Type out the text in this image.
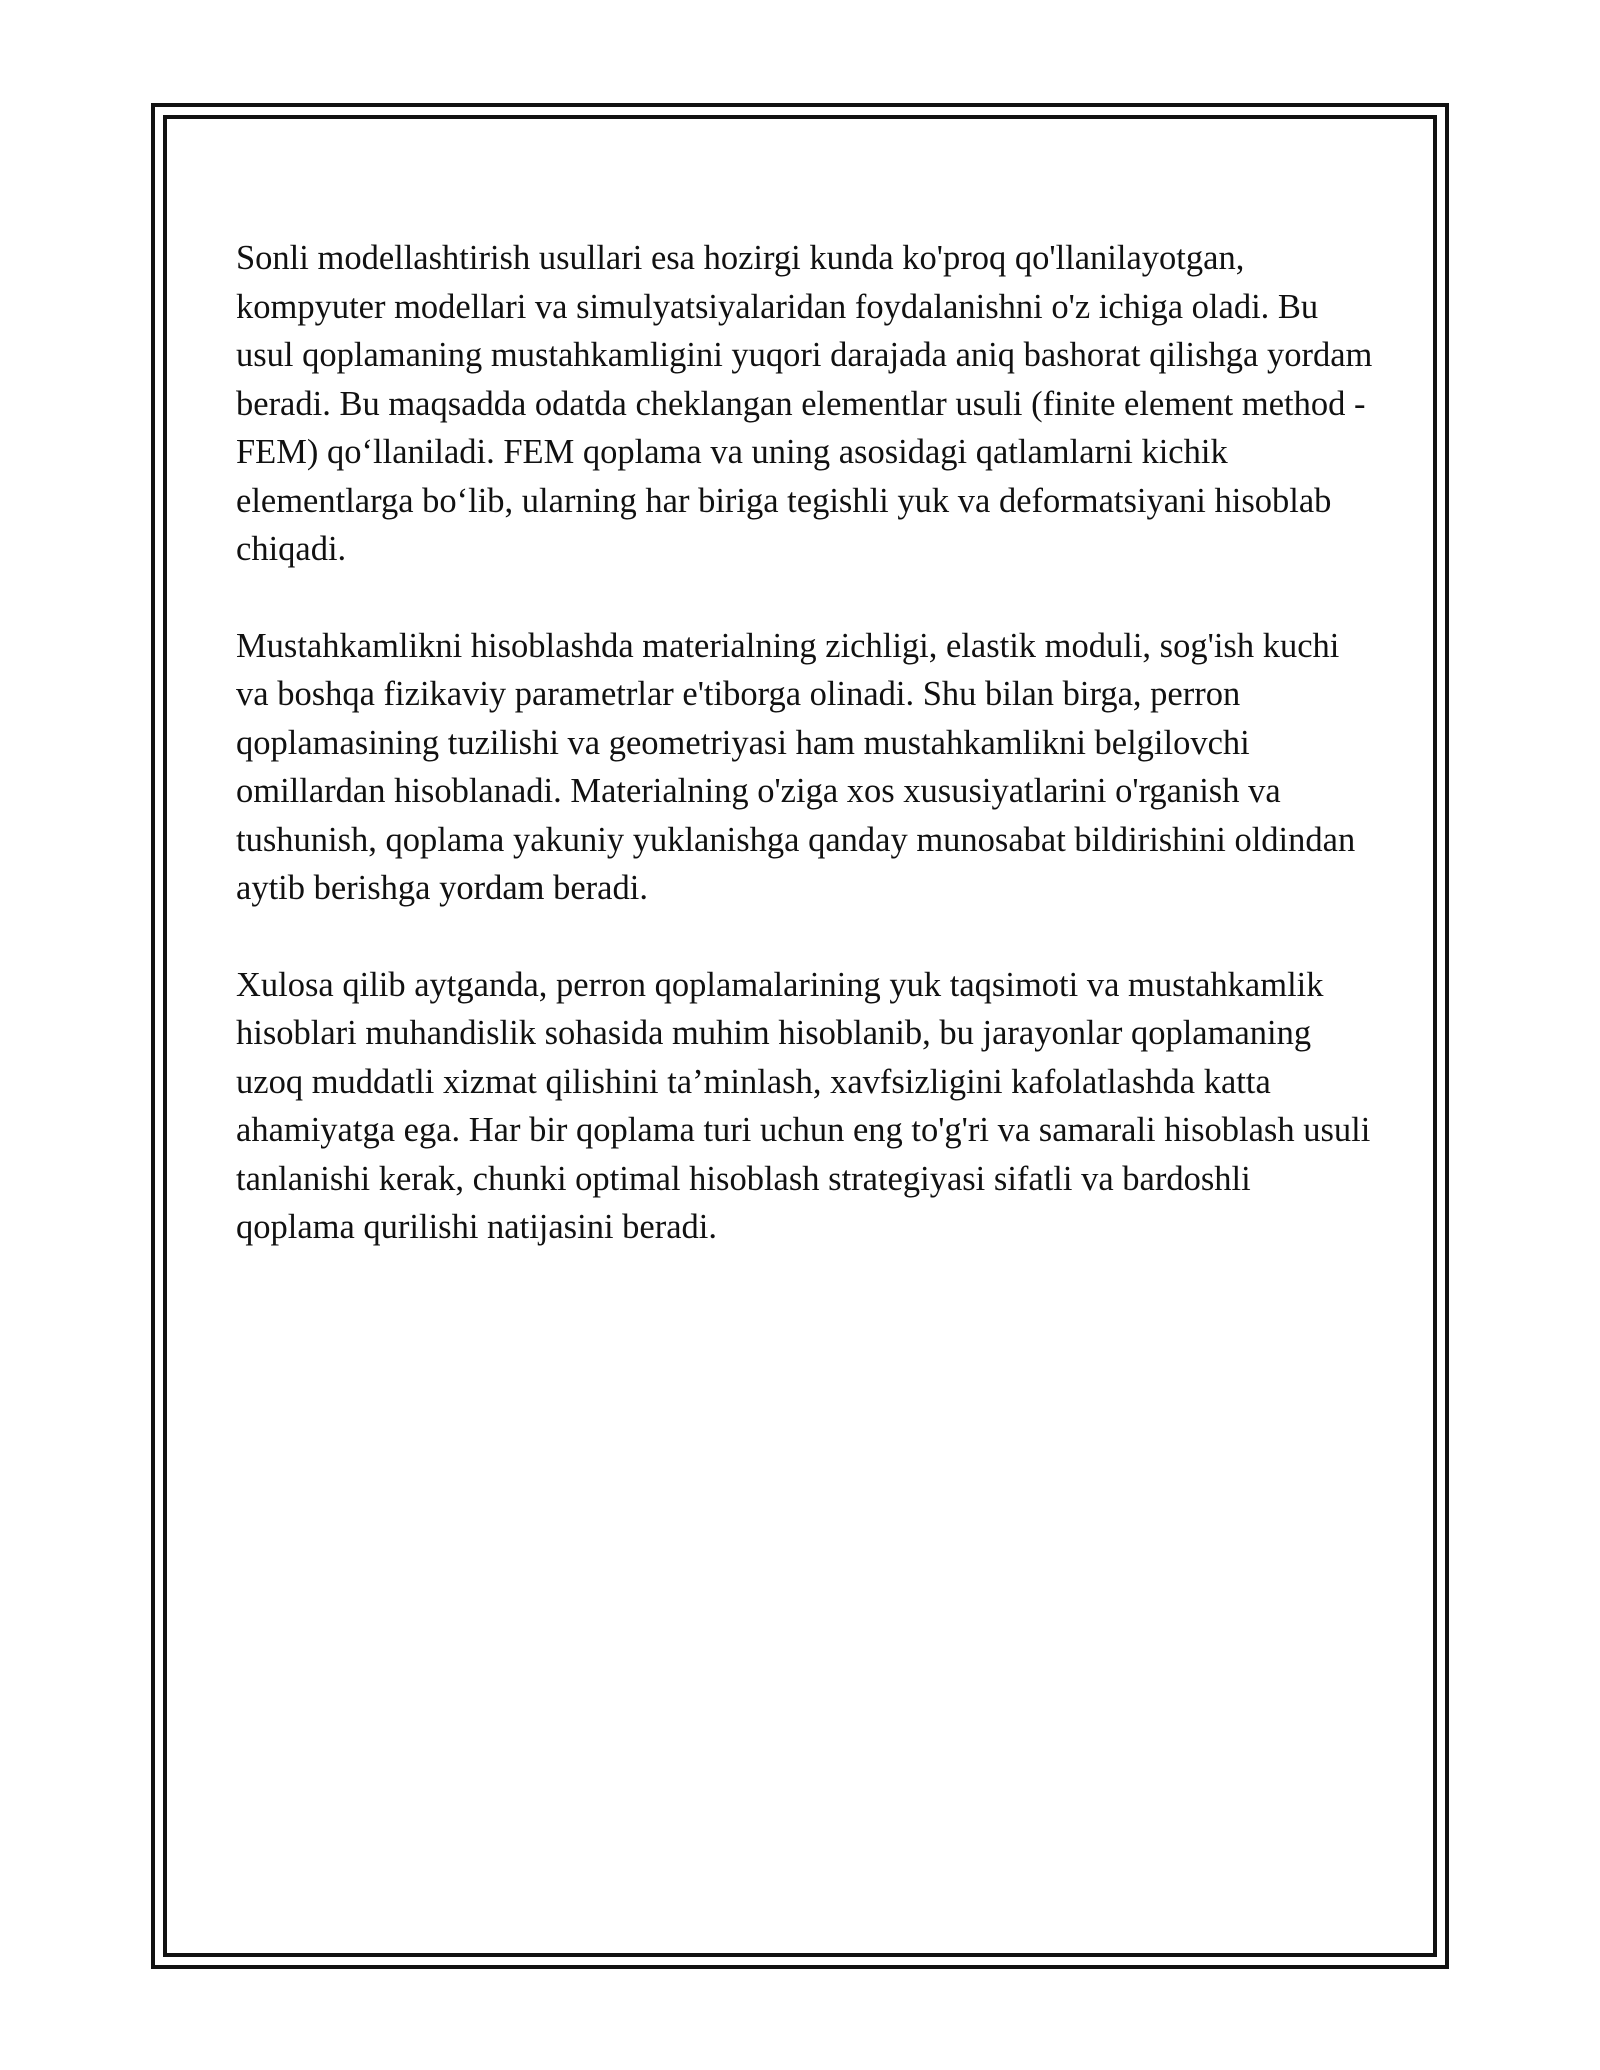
Sonli modellashtirish usullari esa hozirgi kunda ko'proq qo'llanilayotgan, kompyuter modellari va simulyatsiyalaridan foydalanishni o'z ichiga oladi. Bu usul qoplamaning mustahkamligini yuqori darajada aniq bashorat qilishga yordam beradi. Bu maqsadda odatda cheklangan elementlar usuli (finite element method - FEM) qo‘llaniladi. FEM qoplama va uning asosidagi qatlamlarni kichik elementlarga bo‘lib, ularning har biriga tegishli yuk va deformatsiyani hisoblab chiqadi.

Mustahkamlikni hisoblashda materialning zichligi, elastik moduli, sog'ish kuchi va boshqa fizikaviy parametrlar e'tiborga olinadi. Shu bilan birga, perron qoplamasining tuzilishi va geometriyasi ham mustahkamlikni belgilovchi omillardan hisoblanadi. Materialning o'ziga xos xususiyatlarini o'rganish va tushunish, qoplama yakuniy yuklanishga qanday munosabat bildirishini oldindan aytib berishga yordam beradi.

Xulosa qilib aytganda, perron qoplamalarining yuk taqsimoti va mustahkamlik hisoblari muhandislik sohasida muhim hisoblanib, bu jarayonlar qoplamaning uzoq muddatli xizmat qilishini ta’minlash, xavfsizligini kafolatlashda katta ahamiyatga ega. Har bir qoplama turi uchun eng to'g'ri va samarali hisoblash usuli tanlanishi kerak, chunki optimal hisoblash strategiyasi sifatli va bardoshli qoplama qurilishi natijasini beradi.
